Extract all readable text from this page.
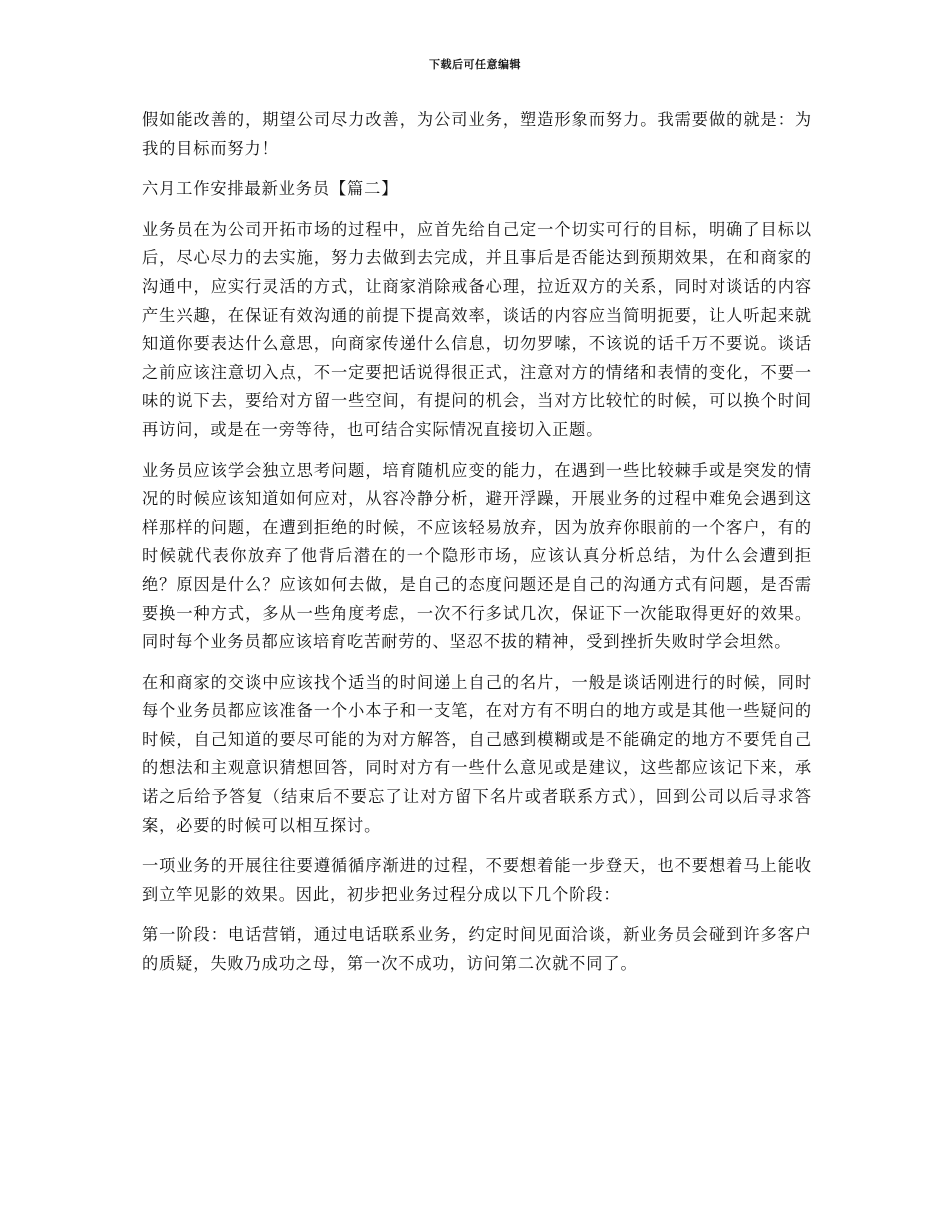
下载后可任意编辑

假如能改善的，期望公司尽力改善，为公司业务，塑造形象而努力。我需要做的就是：为我的目标而努力！

六月工作安排最新业务员【篇二】

业务员在为公司开拓市场的过程中，应首先给自己定一个切实可行的目标，明确了目标以后，尽心尽力的去实施，努力去做到去完成，并且事后是否能达到预期效果，在和商家的沟通中，应实行灵活的方式，让商家消除戒备心理，拉近双方的关系，同时对谈话的内容产生兴趣，在保证有效沟通的前提下提高效率，谈话的内容应当简明扼要，让人听起来就知道你要表达什么意思，向商家传递什么信息，切勿罗嗦，不该说的话千万不要说。谈话之前应该注意切入点，不一定要把话说得很正式，注意对方的情绪和表情的变化，不要一味的说下去，要给对方留一些空间，有提问的机会，当对方比较忙的时候，可以换个时间再访问，或是在一旁等待，也可结合实际情况直接切入正题。

业务员应该学会独立思考问题，培育随机应变的能力，在遇到一些比较棘手或是突发的情况的时候应该知道如何应对，从容冷静分析，避开浮躁，开展业务的过程中难免会遇到这样那样的问题，在遭到拒绝的时候，不应该轻易放弃，因为放弃你眼前的一个客户，有的时候就代表你放弃了他背后潜在的一个隐形市场，应该认真分析总结，为什么会遭到拒绝？原因是什么？应该如何去做，是自己的态度问题还是自己的沟通方式有问题，是否需要换一种方式，多从一些角度考虑，一次不行多试几次，保证下一次能取得更好的效果。同时每个业务员都应该培育吃苦耐劳的、坚忍不拔的精神，受到挫折失败时学会坦然。

在和商家的交谈中应该找个适当的时间递上自己的名片，一般是谈话刚进行的时候，同时每个业务员都应该准备一个小本子和一支笔，在对方有不明白的地方或是其他一些疑问的时候，自己知道的要尽可能的为对方解答，自己感到模糊或是不能确定的地方不要凭自己的想法和主观意识猜想回答，同时对方有一些什么意见或是建议，这些都应该记下来，承诺之后给予答复（结束后不要忘了让对方留下名片或者联系方式），回到公司以后寻求答案，必要的时候可以相互探讨。

一项业务的开展往往要遵循循序渐进的过程，不要想着能一步登天，也不要想着马上能收到立竿见影的效果。因此，初步把业务过程分成以下几个阶段：

第一阶段：电话营销，通过电话联系业务，约定时间见面洽谈，新业务员会碰到许多客户的质疑，失败乃成功之母，第一次不成功，访问第二次就不同了。
